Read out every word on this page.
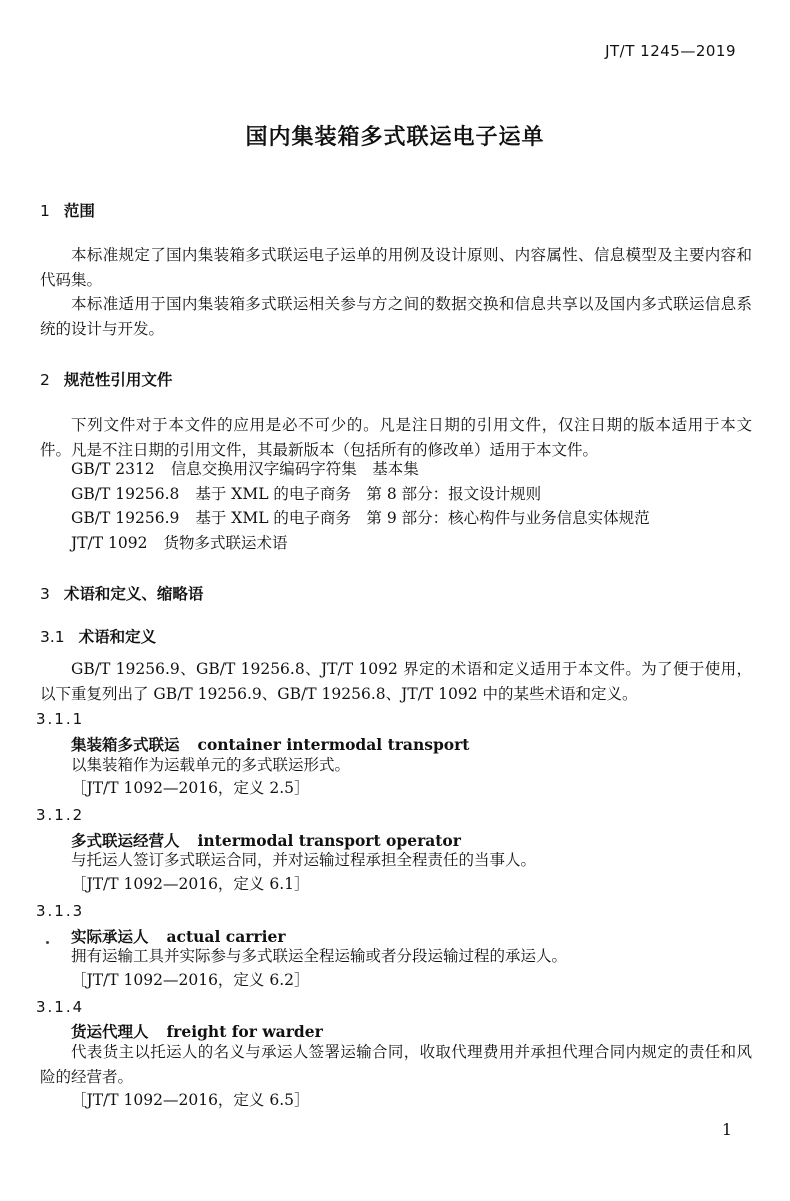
JT/T 1245—2019
国内集装箱多式联运电子运单
1 范围
本标准规定了国内集装箱多式联运电子运单的用例及设计原则、内容属性、信息模型及主要内容和代码集。
本标准适用于国内集装箱多式联运相关参与方之间的数据交换和信息共享以及国内多式联运信息系统的设计与开发。
2 规范性引用文件
下列文件对于本文件的应用是必不可少的。凡是注日期的引用文件，仅注日期的版本适用于本文件。凡是不注日期的引用文件，其最新版本（包括所有的修改单）适用于本文件。
GB/T 2312 信息交换用汉字编码字符集　基本集
GB/T 19256.8 基于 XML 的电子商务　第 8 部分：报文设计规则
GB/T 19256.9 基于 XML 的电子商务　第 9 部分：核心构件与业务信息实体规范
JT/T 1092 货物多式联运术语
3 术语和定义、缩略语
3.1 术语和定义
GB/T 19256.9、GB/T 19256.8、JT/T 1092 界定的术语和定义适用于本文件。为了便于使用，以下重复列出了 GB/T 19256.9、GB/T 19256.8、JT/T 1092 中的某些术语和定义。
3.1.1
集装箱多式联运 container intermodal transport
以集装箱作为运载单元的多式联运形式。
［JT/T 1092—2016，定义 2.5］
3.1.2
多式联运经营人 intermodal transport operator
与托运人签订多式联运合同，并对运输过程承担全程责任的当事人。
［JT/T 1092—2016，定义 6.1］
3.1.3
实际承运人 actual carrier
拥有运输工具并实际参与多式联运全程运输或者分段运输过程的承运人。
［JT/T 1092—2016，定义 6.2］
3.1.4
货运代理人 freight for warder
代表货主以托运人的名义与承运人签署运输合同，收取代理费用并承担代理合同内规定的责任和风险的经营者。
［JT/T 1092—2016，定义 6.5］
1
